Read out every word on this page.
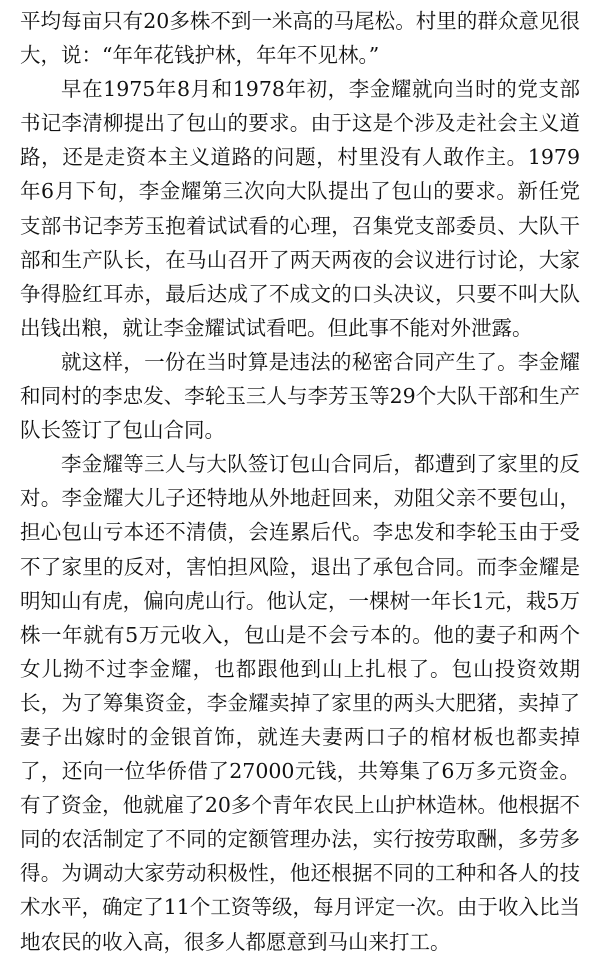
平均每亩只有20多株不到一米高的马尾松。村里的群众意见很大，说：“年年花钱护林，年年不见林。”

早在1975年8月和1978年初，李金耀就向当时的党支部书记李清柳提出了包山的要求。由于这是个涉及走社会主义道路，还是走资本主义道路的问题，村里没有人敢作主。1979年6月下旬，李金耀第三次向大队提出了包山的要求。新任党支部书记李芳玉抱着试试看的心理，召集党支部委员、大队干部和生产队长，在马山召开了两天两夜的会议进行讨论，大家争得脸红耳赤，最后达成了不成文的口头决议，只要不叫大队出钱出粮，就让李金耀试试看吧。但此事不能对外泄露。

就这样，一份在当时算是违法的秘密合同产生了。李金耀和同村的李忠发、李轮玉三人与李芳玉等29个大队干部和生产队长签订了包山合同。

李金耀等三人与大队签订包山合同后，都遭到了家里的反对。李金耀大儿子还特地从外地赶回来，劝阻父亲不要包山，担心包山亏本还不清债，会连累后代。李忠发和李轮玉由于受不了家里的反对，害怕担风险，退出了承包合同。而李金耀是明知山有虎，偏向虎山行。他认定，一棵树一年长1元，栽5万株一年就有5万元收入，包山是不会亏本的。他的妻子和两个女儿拗不过李金耀，也都跟他到山上扎根了。包山投资效期长，为了筹集资金，李金耀卖掉了家里的两头大肥猪，卖掉了妻子出嫁时的金银首饰，就连夫妻两口子的棺材板也都卖掉了，还向一位华侨借了27000元钱，共筹集了6万多元资金。有了资金，他就雇了20多个青年农民上山护林造林。他根据不同的农活制定了不同的定额管理办法，实行按劳取酬，多劳多得。为调动大家劳动积极性，他还根据不同的工种和各人的技术水平，确定了11个工资等级，每月评定一次。由于收入比当地农民的收入高，很多人都愿意到马山来打工。
